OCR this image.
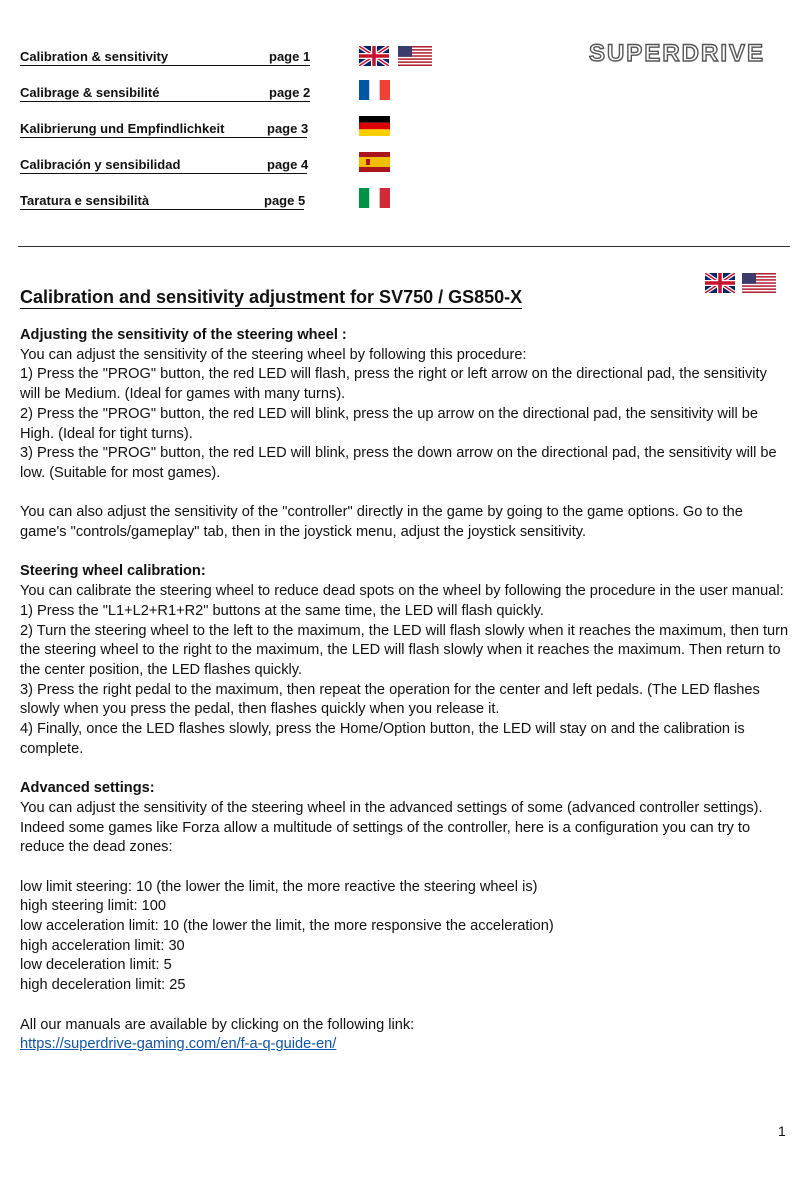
Calibration & sensitivity	page 1
Calibrage & sensibilité	page 2
Kalibrierung und Empfindlichkeit	page 3
Calibración y sensibilidad	page 4
Taratura e sensibilità	page 5
SUPERDRIVE
Calibration and sensitivity adjustment for SV750 / GS850-X

Adjusting the sensitivity of the steering wheel :

You can adjust the sensitivity of the steering wheel by following this procedure:

1) Press the "PROG" button, the red LED will flash, press the right or left arrow on the directional pad, the sensitivity will be Medium. (Ideal for games with many turns).

2) Press the "PROG" button, the red LED will blink, press the up arrow on the directional pad, the sensitivity will be High. (Ideal for tight turns).

3) Press the "PROG" button, the red LED will blink, press the down arrow on the directional pad, the sensitivity will be low. (Suitable for most games).

You can also adjust the sensitivity of the "controller" directly in the game by going to the game options. Go to the game's "controls/gameplay" tab, then in the joystick menu, adjust the joystick sensitivity.

Steering wheel calibration:

You can calibrate the steering wheel to reduce dead spots on the wheel by following the procedure in the user manual:

1) Press the "L1+L2+R1+R2" buttons at the same time, the LED will flash quickly.

2) Turn the steering wheel to the left to the maximum, the LED will flash slowly when it reaches the maximum, then turn the steering wheel to the right to the maximum, the LED will flash slowly when it reaches the maximum. Then return to the center position, the LED flashes quickly.

3) Press the right pedal to the maximum, then repeat the operation for the center and left pedals. (The LED flashes slowly when you press the pedal, then flashes quickly when you release it.

4) Finally, once the LED flashes slowly, press the Home/Option button, the LED will stay on and the calibration is complete.

Advanced settings:

You can adjust the sensitivity of the steering wheel in the advanced settings of some (advanced controller settings). Indeed some games like Forza allow a multitude of settings of the controller, here is a configuration you can try to reduce the dead zones:

low limit steering: 10 (the lower the limit, the more reactive the steering wheel is)

high steering limit: 100

low acceleration limit: 10 (the lower the limit, the more responsive the acceleration)

high acceleration limit: 30

low deceleration limit: 5

high deceleration limit: 25

All our manuals are available by clicking on the following link:

https://superdrive-gaming.com/en/f-a-q-guide-en/

1
